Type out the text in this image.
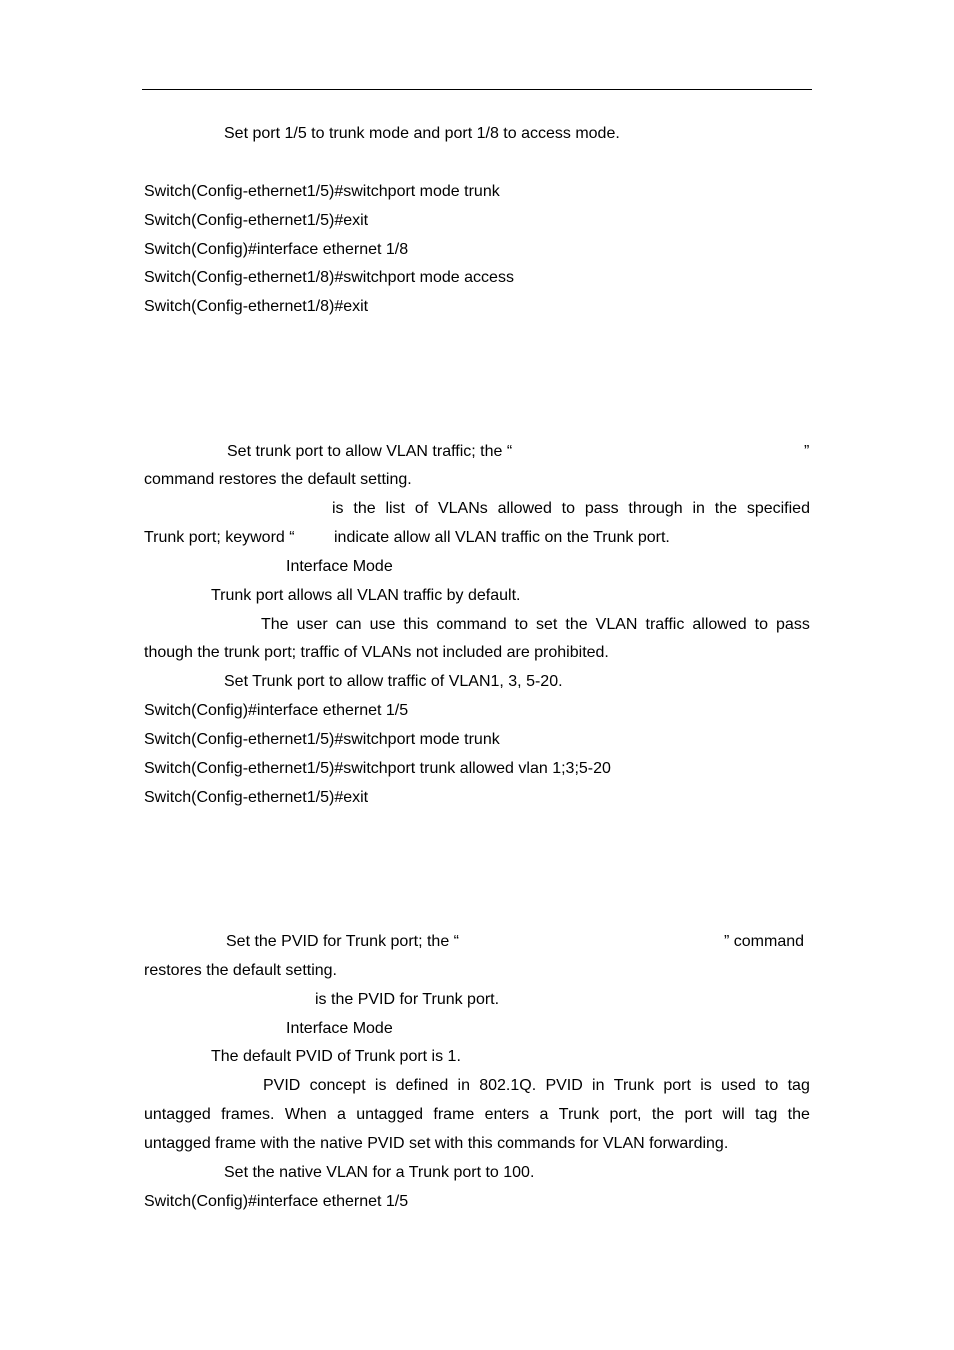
Set port 1/5 to trunk mode and port 1/8 to access mode.
Switch(Config-ethernet1/5)#switchport mode trunk
Switch(Config-ethernet1/5)#exit
Switch(Config)#interface ethernet 1/8
Switch(Config-ethernet1/8)#switchport mode access
Switch(Config-ethernet1/8)#exit
Set trunk port to allow VLAN traffic; the “	”
command restores the default setting.
is the list of VLANs allowed to pass through in the specified
Trunk port; keyword “ indicate allow all VLAN traffic on the Trunk port.
Interface Mode
Trunk port allows all VLAN traffic by default.
The user can use this command to set the VLAN traffic allowed to pass
though the trunk port; traffic of VLANs not included are prohibited.
Set Trunk port to allow traffic of VLAN1, 3, 5-20.
Switch(Config)#interface ethernet 1/5
Switch(Config-ethernet1/5)#switchport mode trunk
Switch(Config-ethernet1/5)#switchport trunk allowed vlan 1;3;5-20
Switch(Config-ethernet1/5)#exit
Set the PVID for Trunk port; the “	” command
restores the default setting.
is the PVID for Trunk port.
Interface Mode
The default PVID of Trunk port is 1.
PVID concept is defined in 802.1Q. PVID in Trunk port is used to tag
untagged frames. When a untagged frame enters a Trunk port, the port will tag the
untagged frame with the native PVID set with this commands for VLAN forwarding.
Set the native VLAN for a Trunk port to 100.
Switch(Config)#interface ethernet 1/5
